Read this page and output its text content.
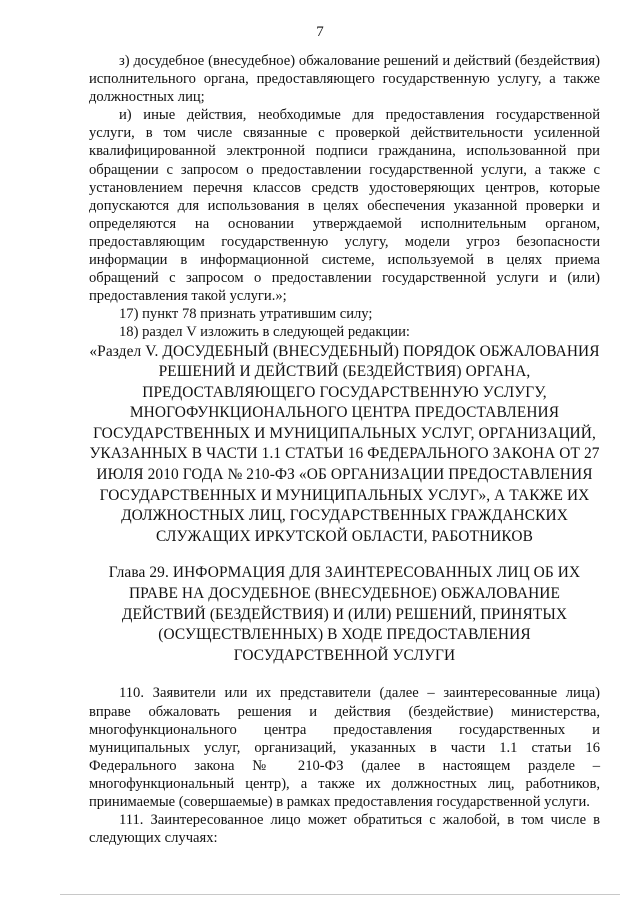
7

з) досудебное (внесудебное) обжалование решений и действий (бездействия) исполнительного органа, предоставляющего государственную услугу, а также должностных лиц;

и) иные действия, необходимые для предоставления государственной услуги, в том числе связанные с проверкой действительности усиленной квалифицированной электронной подписи гражданина, использованной при обращении с запросом о предоставлении государственной услуги, а также с установлением перечня классов средств удостоверяющих центров, которые допускаются для использования в целях обеспечения указанной проверки и определяются на основании утверждаемой исполнительным органом, предоставляющим государственную услугу, модели угроз безопасности информации в информационной системе, используемой в целях приема обращений с запросом о предоставлении государственной услуги и (или) предоставления такой услуги.»;

17) пункт 78 признать утратившим силу;

18) раздел V изложить в следующей редакции:

«Раздел V. ДОСУДЕБНЫЙ (ВНЕСУДЕБНЫЙ) ПОРЯДОК ОБЖАЛОВАНИЯ РЕШЕНИЙ И ДЕЙСТВИЙ (БЕЗДЕЙСТВИЯ) ОРГАНА, ПРЕДОСТАВЛЯЮЩЕГО ГОСУДАРСТВЕННУЮ УСЛУГУ, МНОГОФУНКЦИОНАЛЬНОГО ЦЕНТРА ПРЕДОСТАВЛЕНИЯ ГОСУДАРСТВЕННЫХ И МУНИЦИПАЛЬНЫХ УСЛУГ, ОРГАНИЗАЦИЙ, УКАЗАННЫХ В ЧАСТИ 1.1 СТАТЬИ 16 ФЕДЕРАЛЬНОГО ЗАКОНА ОТ 27 ИЮЛЯ 2010 ГОДА № 210-ФЗ «ОБ ОРГАНИЗАЦИИ ПРЕДОСТАВЛЕНИЯ ГОСУДАРСТВЕННЫХ И МУНИЦИПАЛЬНЫХ УСЛУГ», А ТАКЖЕ ИХ ДОЛЖНОСТНЫХ ЛИЦ, ГОСУДАРСТВЕННЫХ ГРАЖДАНСКИХ СЛУЖАЩИХ ИРКУТСКОЙ ОБЛАСТИ, РАБОТНИКОВ

Глава 29. ИНФОРМАЦИЯ ДЛЯ ЗАИНТЕРЕСОВАННЫХ ЛИЦ ОБ ИХ ПРАВЕ НА ДОСУДЕБНОЕ (ВНЕСУДЕБНОЕ) ОБЖАЛОВАНИЕ ДЕЙСТВИЙ (БЕЗДЕЙСТВИЯ) И (ИЛИ) РЕШЕНИЙ, ПРИНЯТЫХ (ОСУЩЕСТВЛЕННЫХ) В ХОДЕ ПРЕДОСТАВЛЕНИЯ ГОСУДАРСТВЕННОЙ УСЛУГИ

110. Заявители или их представители (далее – заинтересованные лица) вправе обжаловать решения и действия (бездействие) министерства, многофункционального центра предоставления государственных и муниципальных услуг, организаций, указанных в части 1.1 статьи 16 Федерального закона № 210-ФЗ (далее в настоящем разделе – многофункциональный центр), а также их должностных лиц, работников, принимаемые (совершаемые) в рамках предоставления государственной услуги.

111. Заинтересованное лицо может обратиться с жалобой, в том числе в следующих случаях:
